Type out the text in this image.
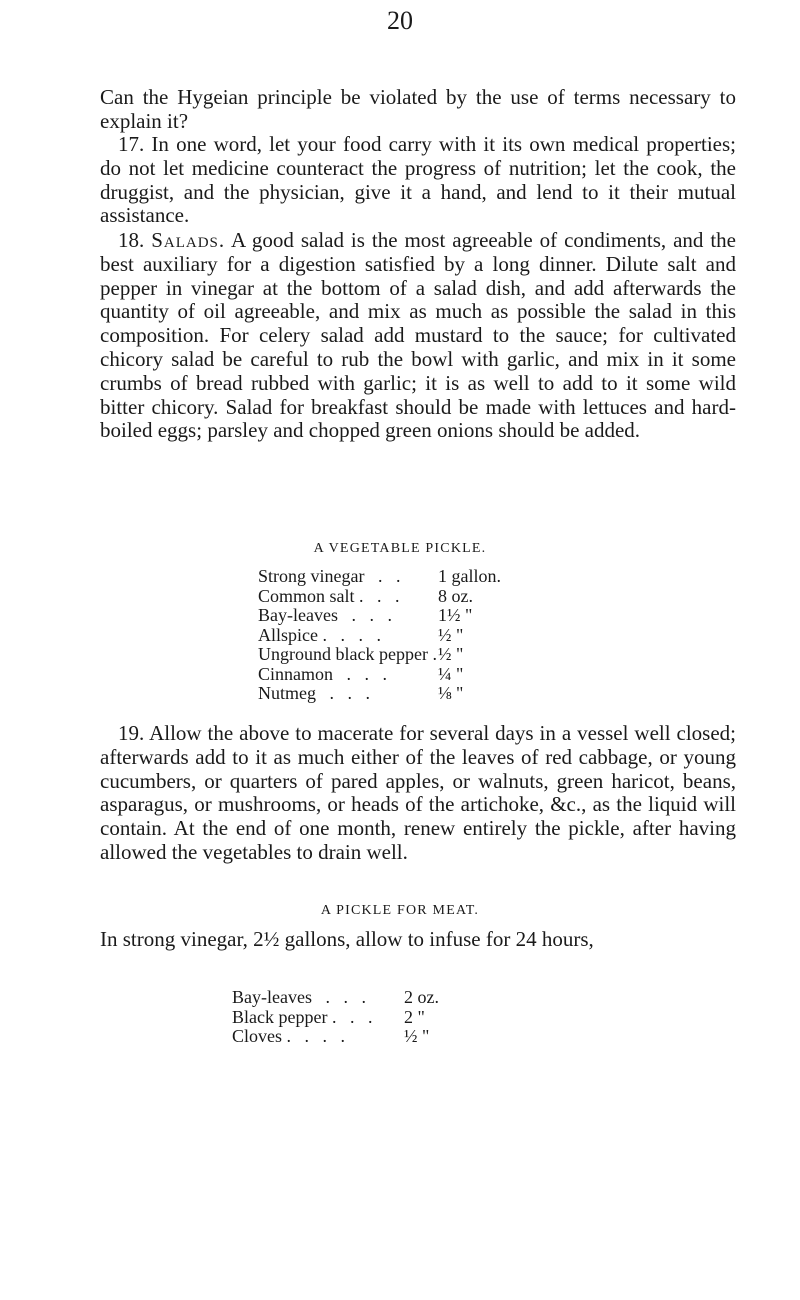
20

Can the Hygeian principle be violated by the use of terms necessary to explain it?

17. In one word, let your food carry with it its own medical properties; do not let medicine counteract the progress of nutrition; let the cook, the druggist, and the physician, give it a hand, and lend to it their mutual assistance.

18. Salads. A good salad is the most agreeable of condiments, and the best auxiliary for a digestion satisfied by a long dinner. Dilute salt and pepper in vinegar at the bottom of a salad dish, and add afterwards the quantity of oil agreeable, and mix as much as possible the salad in this composition. For celery salad add mustard to the sauce; for cultivated chicory salad be careful to rub the bowl with garlic, and mix in it some crumbs of bread rubbed with garlic; it is as well to add to it some wild bitter chicory. Salad for breakfast should be made with lettuces and hard-boiled eggs; parsley and chopped green onions should be added.

A VEGETABLE PICKLE.
Strong vinegar   .   .	1 gallon.
Common salt .   .   .	8 oz.
Bay-leaves   .   .   .	1½ "
Allspice .   .   .   .	½ "
Unground black pepper . ½ "
Cinnamon   .   .   .	¼ "
Nutmeg   .   .   .	⅛ "

19. Allow the above to macerate for several days in a vessel well closed; afterwards add to it as much either of the leaves of red cabbage, or young cucumbers, or quarters of pared apples, or walnuts, green haricot, beans, asparagus, or mushrooms, or heads of the artichoke, &c., as the liquid will contain. At the end of one month, renew entirely the pickle, after having allowed the vegetables to drain well.

A PICKLE FOR MEAT.

In strong vinegar, 2½ gallons, allow to infuse for 24 hours,

Bay-leaves   .   .   .	2 oz.
Black pepper .   .   .	2 "
Cloves .   .   .   .	½ "
